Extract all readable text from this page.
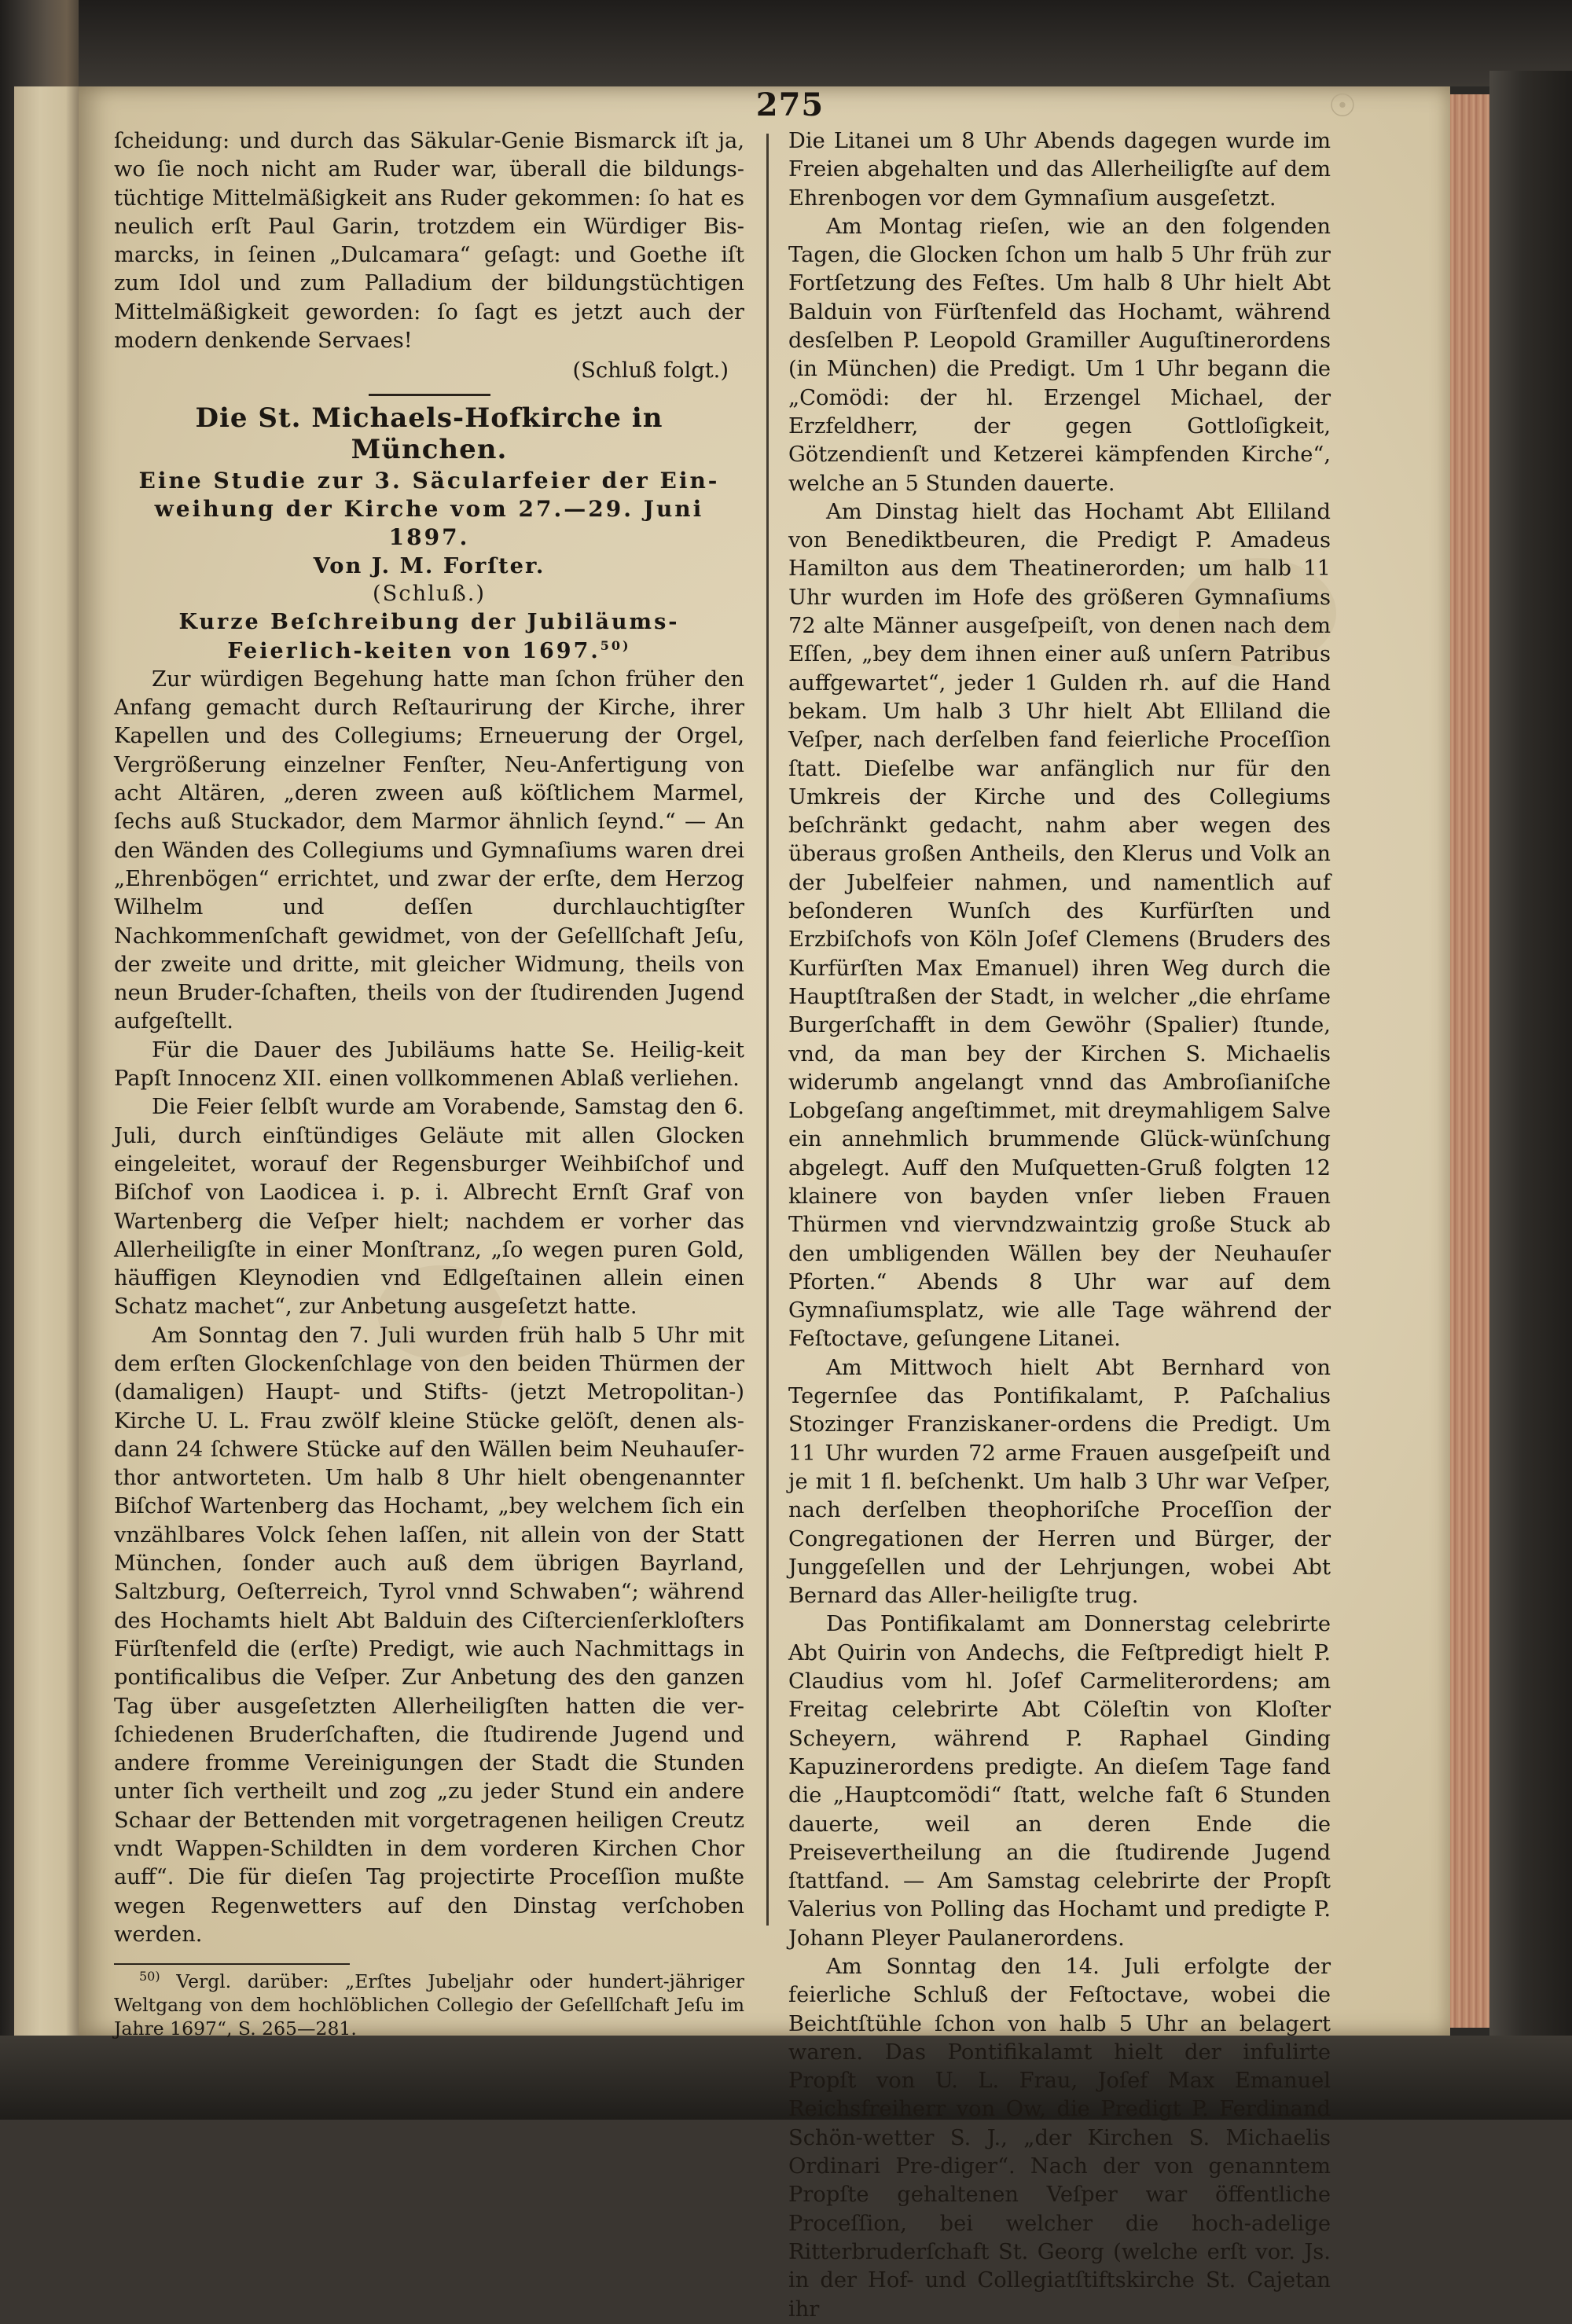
275	☉

ſcheidung: und durch das Säkular-Genie Bismarck iſt ja, wo ſie noch nicht am Ruder war, überall die bildungs-tüchtige Mittelmäßigkeit ans Ruder gekommen: ſo hat es neulich erſt Paul Garin, trotzdem ein Würdiger Bis-marcks, in ſeinen „Dulcamara“ geſagt: und Goethe iſt zum Idol und zum Palladium der bildungstüchtigen Mittelmäßigkeit geworden: ſo ſagt es jetzt auch der modern denkende Servaes!

(Schluß folgt.)

Die St. Michaels-Hofkirche in München.

Eine Studie zur 3. Säcularfeier der Ein-weihung der Kirche vom 27.—29. Juni 1897.

Von J. M. Forſter.

(Schluß.)

Kurze Beſchreibung der Jubiläums-Feierlich-keiten von 1697.$^{50)}$

Zur würdigen Begehung hatte man ſchon früher den Anfang gemacht durch Reſtaurirung der Kirche, ihrer Kapellen und des Collegiums; Erneuerung der Orgel, Vergrößerung einzelner Fenſter, Neu-Anfertigung von acht Altären, „deren zween auß köſtlichem Marmel, ſechs auß Stuckador, dem Marmor ähnlich ſeynd.“ — An den Wänden des Collegiums und Gymnaſiums waren drei „Ehrenbögen“ errichtet, und zwar der erſte, dem Herzog Wilhelm und deſſen durchlauchtigſter Nachkommenſchaft gewidmet, von der Geſellſchaft Jeſu, der zweite und dritte, mit gleicher Widmung, theils von neun Bruder-ſchaften, theils von der ſtudirenden Jugend aufgeſtellt.

Für die Dauer des Jubiläums hatte Se. Heilig-keit Papſt Innocenz XII. einen vollkommenen Ablaß verliehen.

Die Feier ſelbſt wurde am Vorabende, Samstag den 6. Juli, durch einſtündiges Geläute mit allen Glocken eingeleitet, worauf der Regensburger Weihbiſchof und Biſchof von Laodicea i. p. i. Albrecht Ernſt Graf von Wartenberg die Veſper hielt; nachdem er vorher das Allerheiligſte in einer Monſtranz, „ſo wegen puren Gold, häuffigen Kleynodien vnd Edlgeſtainen allein einen Schatz machet“, zur Anbetung ausgeſetzt hatte.

Am Sonntag den 7. Juli wurden früh halb 5 Uhr mit dem erſten Glockenſchlage von den beiden Thürmen der (damaligen) Haupt- und Stifts- (jetzt Metropolitan-) Kirche U. L. Frau zwölf kleine Stücke gelöſt, denen als-dann 24 ſchwere Stücke auf den Wällen beim Neuhauſer-thor antworteten. Um halb 8 Uhr hielt obengenannter Biſchof Wartenberg das Hochamt, „bey welchem ſich ein vnzählbares Volck ſehen laſſen, nit allein von der Statt München, ſonder auch auß dem übrigen Bayrland, Saltzburg, Oeſterreich, Tyrol vnnd Schwaben“; während des Hochamts hielt Abt Balduin des Ciſtercienſerkloſters Fürſtenfeld die (erſte) Predigt, wie auch Nachmittags in pontificalibus die Veſper. Zur Anbetung des den ganzen Tag über ausgeſetzten Allerheiligſten hatten die ver-ſchiedenen Bruderſchaften, die ſtudirende Jugend und andere fromme Vereinigungen der Stadt die Stunden unter ſich vertheilt und zog „zu jeder Stund ein andere Schaar der Bettenden mit vorgetragenen heiligen Creutz vndt Wappen-Schildten in dem vorderen Kirchen Chor auff“. Die für dieſen Tag projectirte Proceſſion mußte wegen Regenwetters auf den Dinstag verſchoben werden.

$^{50)}$ Vergl. darüber: „Erſtes Jubeljahr oder hundert-jähriger Weltgang von dem hochlöblichen Collegio der Geſellſchaft Jeſu im Jahre 1697“, S. 265—281.

Die Litanei um 8 Uhr Abends dagegen wurde im Freien abgehalten und das Allerheiligſte auf dem Ehrenbogen vor dem Gymnaſium ausgeſetzt.

Am Montag rieſen, wie an den folgenden Tagen, die Glocken ſchon um halb 5 Uhr früh zur Fortſetzung des Feſtes. Um halb 8 Uhr hielt Abt Balduin von Fürſtenfeld das Hochamt, während desſelben P. Leopold Gramiller Auguſtinerordens (in München) die Predigt. Um 1 Uhr begann die „Comödi: der hl. Erzengel Michael, der Erzfeldherr, der gegen Gottloſigkeit, Götzendienſt und Ketzerei kämpfenden Kirche“, welche an 5 Stunden dauerte.

Am Dinstag hielt das Hochamt Abt Elliland von Benediktbeuren, die Predigt P. Amadeus Hamilton aus dem Theatinerorden; um halb 11 Uhr wurden im Hofe des größeren Gymnaſiums 72 alte Männer ausgeſpeiſt, von denen nach dem Eſſen, „bey dem ihnen einer auß unſern Patribus auffgewartet“, jeder 1 Gulden rh. auf die Hand bekam. Um halb 3 Uhr hielt Abt Elliland die Veſper, nach derſelben fand feierliche Proceſſion ſtatt. Dieſelbe war anfänglich nur für den Umkreis der Kirche und des Collegiums beſchränkt gedacht, nahm aber wegen des überaus großen Antheils, den Klerus und Volk an der Jubelfeier nahmen, und namentlich auf beſonderen Wunſch des Kurfürſten und Erzbiſchofs von Köln Joſef Clemens (Bruders des Kurfürſten Max Emanuel) ihren Weg durch die Hauptſtraßen der Stadt, in welcher „die ehrſame Burgerſchafft in dem Gewöhr (Spalier) ſtunde, vnd, da man bey der Kirchen S. Michaelis widerumb angelangt vnnd das Ambroſianiſche Lobgeſang angeſtimmet, mit dreymahligem Salve ein annehmlich brummende Glück-wünſchung abgelegt. Auff den Muſquetten-Gruß folgten 12 klainere von bayden vnſer lieben Frauen Thürmen vnd viervndzwaintzig große Stuck ab den umbligenden Wällen bey der Neuhauſer Pforten.“ Abends 8 Uhr war auf dem Gymnaſiumsplatz, wie alle Tage während der Feſtoctave, geſungene Litanei.

Am Mittwoch hielt Abt Bernhard von Tegernſee das Pontifikalamt, P. Paſchalius Stozinger Franziskaner-ordens die Predigt. Um 11 Uhr wurden 72 arme Frauen ausgeſpeiſt und je mit 1 fl. beſchenkt. Um halb 3 Uhr war Veſper, nach derſelben theophoriſche Proceſſion der Congregationen der Herren und Bürger, der Junggeſellen und der Lehrjungen, wobei Abt Bernard das Aller-heiligſte trug.

Das Pontifikalamt am Donnerstag celebrirte Abt Quirin von Andechs, die Feſtpredigt hielt P. Claudius vom hl. Joſef Carmeliterordens; am Freitag celebrirte Abt Cöleſtin von Kloſter Scheyern, während P. Raphael Ginding Kapuzinerordens predigte. An dieſem Tage fand die „Hauptcomödi“ ſtatt, welche faſt 6 Stunden dauerte, weil an deren Ende die Preisevertheilung an die ſtudirende Jugend ſtattfand. — Am Samstag celebrirte der Propſt Valerius von Polling das Hochamt und predigte P. Johann Pleyer Paulanerordens.

Am Sonntag den 14. Juli erfolgte der feierliche Schluß der Feſtoctave, wobei die Beichtſtühle ſchon von halb 5 Uhr an belagert waren. Das Pontifikalamt hielt der infulirte Propſt von U. L. Frau, Joſef Max Emanuel Reichsfreiherr von Ow, die Predigt P. Ferdinand Schön-wetter S. J., „der Kirchen S. Michaelis Ordinari Pre-diger“. Nach der von genanntem Propſte gehaltenen Veſper war öffentliche Proceſſion, bei welcher die hoch-adelige Ritterbruderſchaft St. Georg (welche erſt vor. Js. in der Hof- und Collegiatſtiftskirche St. Cajetan ihr
